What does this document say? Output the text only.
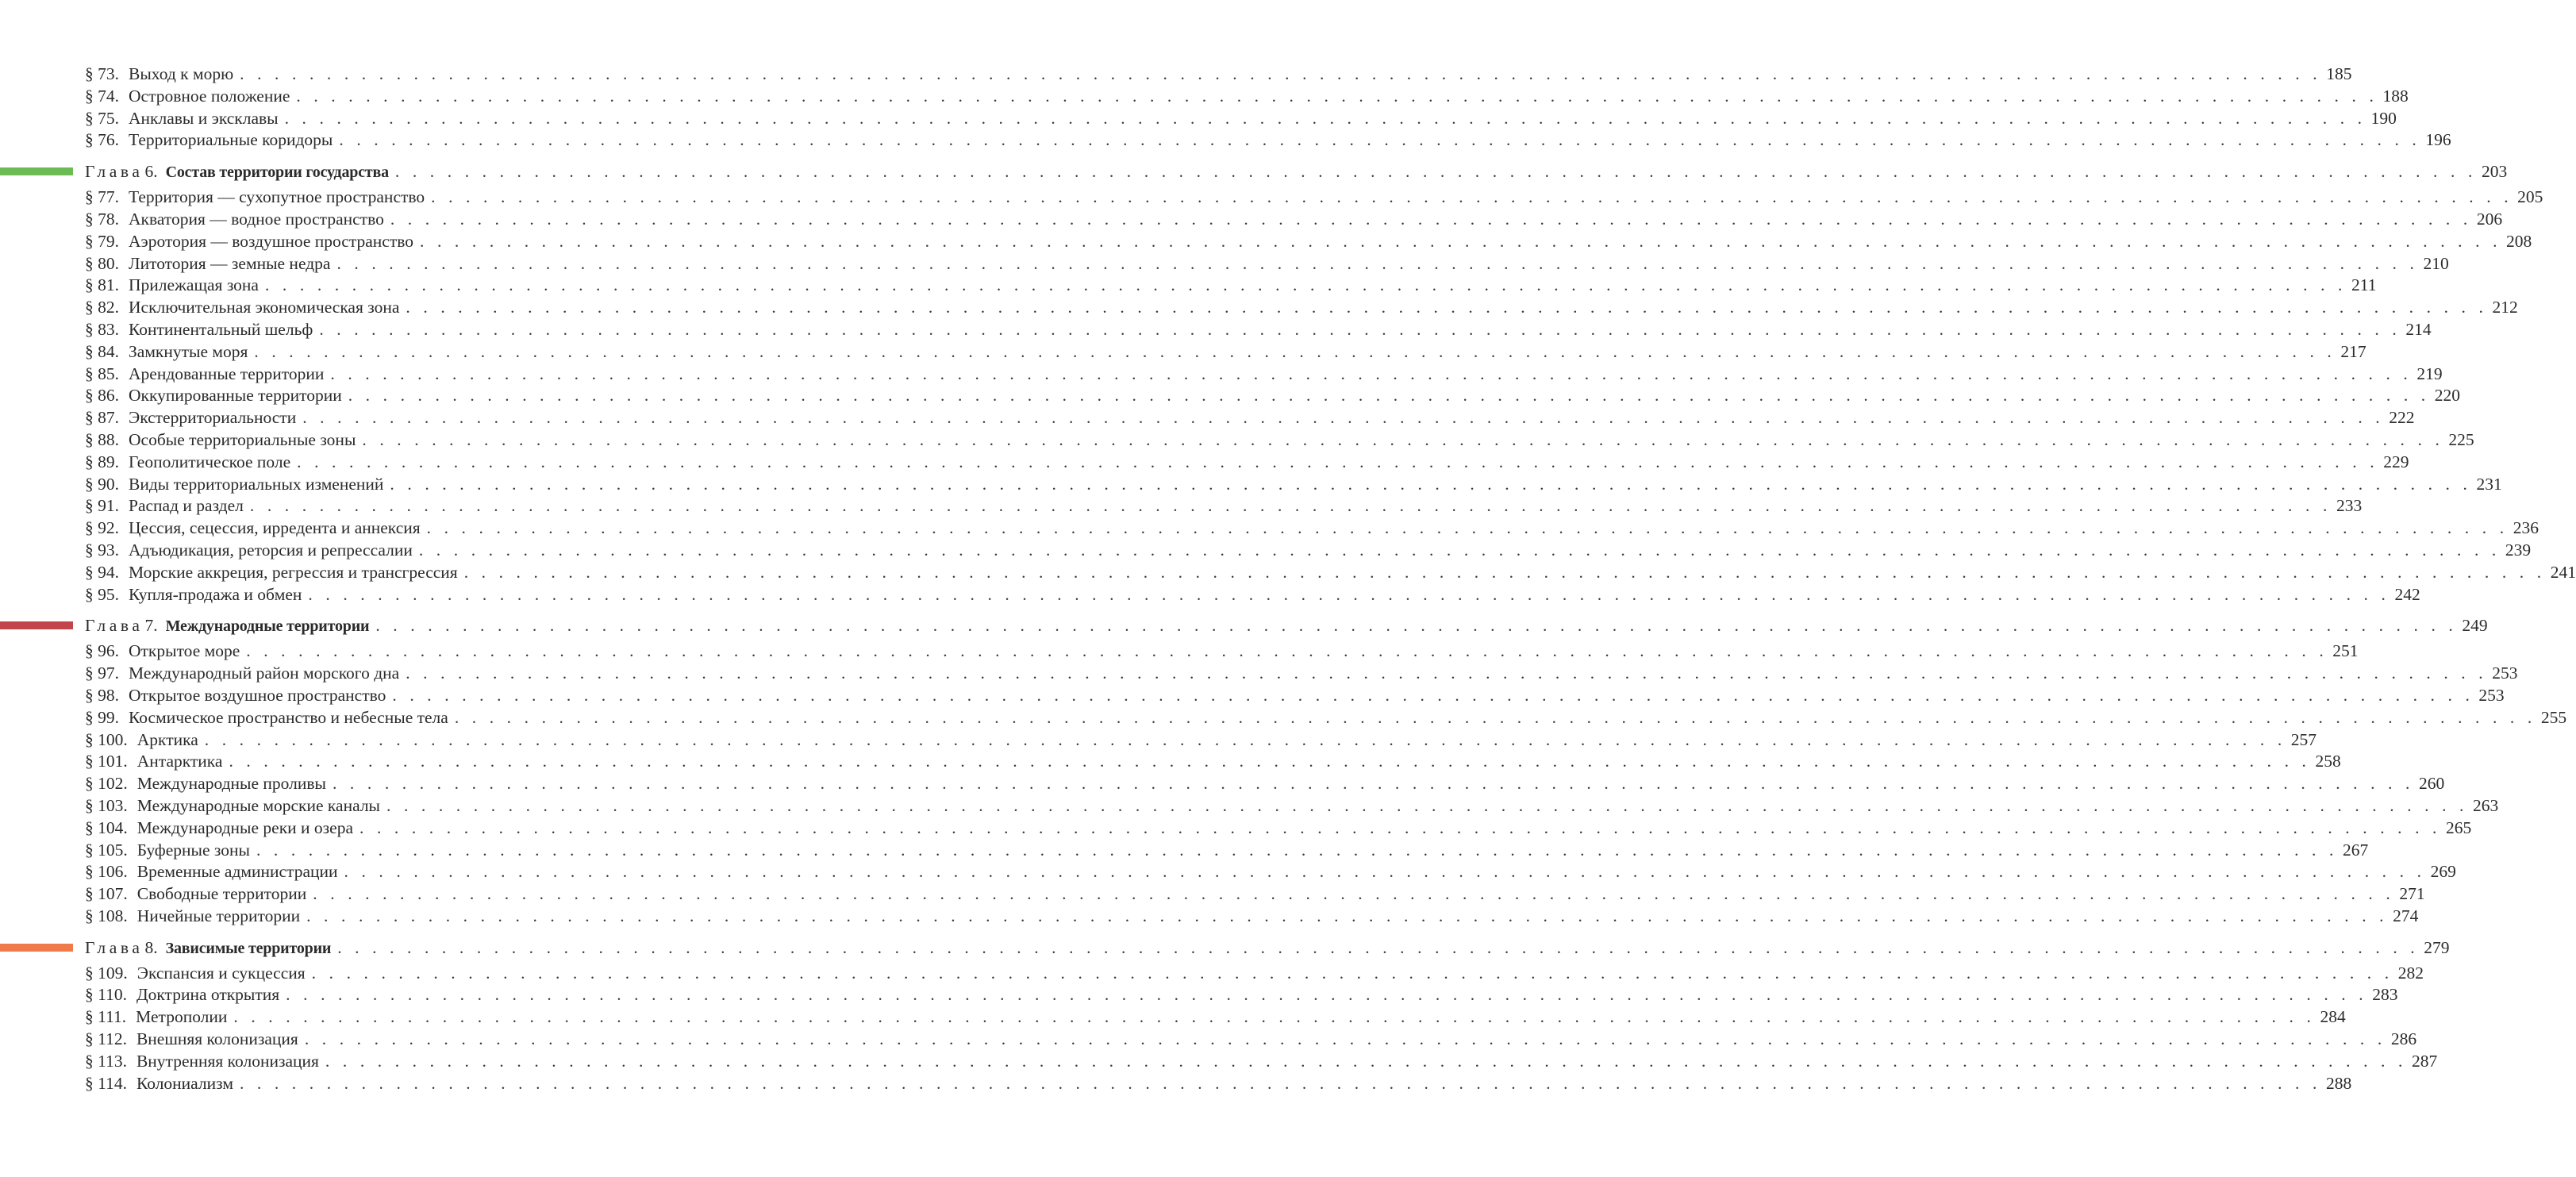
§ 73. Выход к морю . . . . . . . . . . . . . . . . . . . . . . . . . . . . . . . . . . . . . . . . . . . . . . . . . . . . . . . . . . . . . . . . . . . . . . . . . . . . . . . . . . . . . . . . . . . . . . . . . . . . . . . . . . . . . . . . . . . . . . . . 185
§ 74. Островное положение . . . . . . . . . . . . . . . . . . . . . . . . . . . . . . . . . . . . . . . . . . . . . . . . . . . . . . . . . . . . . . . . . . . . . . . . . . . . . . . . . . . . . . . . . . . . . . . . . . . . . . . . . . . . . . . . . . . . . . . . 188
§ 75. Анклавы и эксклавы . . . . . . . . . . . . . . . . . . . . . . . . . . . . . . . . . . . . . . . . . . . . . . . . . . . . . . . . . . . . . . . . . . . . . . . . . . . . . . . . . . . . . . . . . . . . . . . . . . . . . . . . . . . . . . . . . . . . . . . . 190
§ 76. Территориальные коридоры . . . . . . . . . . . . . . . . . . . . . . . . . . . . . . . . . . . . . . . . . . . . . . . . . . . . . . . . . . . . . . . . . . . . . . . . . . . . . . . . . . . . . . . . . . . . . . . . . . . . . . . . . . . . . . . . . . . . . . . . 196
Глава 6. Состав территории государства . . . . . . . . . . . . . . . . . . . . . . . . . . . . . . . . . . . . . . . . . . . . . . . . . . . . . . . . . . . . . . . . . . . . . . . . . . . . . . . . . . . . . . . . . . . . . . . . . . . . . . . . . . . . . . . . . . . . . . . . 203
§ 77. Территория — сухопутное пространство . . . . . . . . . . . . . . . . . . . . . . . . . . . . . . . . . . . . . . . . . . . . . . . . . . . . . . . . . . . . . . . . . . . . . . . . . . . . . . . . . . . . . . . . . . . . . . . . . . . . . . . . . . . . . . . . . . . . . . . . 205
§ 78. Акватория — водное пространство . . . . . . . . . . . . . . . . . . . . . . . . . . . . . . . . . . . . . . . . . . . . . . . . . . . . . . . . . . . . . . . . . . . . . . . . . . . . . . . . . . . . . . . . . . . . . . . . . . . . . . . . . . . . . . . . . . . . . . . . 206
§ 79. Аэротория — воздушное пространство . . . . . . . . . . . . . . . . . . . . . . . . . . . . . . . . . . . . . . . . . . . . . . . . . . . . . . . . . . . . . . . . . . . . . . . . . . . . . . . . . . . . . . . . . . . . . . . . . . . . . . . . . . . . . . . . . . . . . . . . 208
§ 80. Литотория — земные недра . . . . . . . . . . . . . . . . . . . . . . . . . . . . . . . . . . . . . . . . . . . . . . . . . . . . . . . . . . . . . . . . . . . . . . . . . . . . . . . . . . . . . . . . . . . . . . . . . . . . . . . . . . . . . . . . . . . . . . . . 210
§ 81. Прилежащая зона . . . . . . . . . . . . . . . . . . . . . . . . . . . . . . . . . . . . . . . . . . . . . . . . . . . . . . . . . . . . . . . . . . . . . . . . . . . . . . . . . . . . . . . . . . . . . . . . . . . . . . . . . . . . . . . . . . . . . . . . 211
§ 82. Исключительная экономическая зона . . . . . . . . . . . . . . . . . . . . . . . . . . . . . . . . . . . . . . . . . . . . . . . . . . . . . . . . . . . . . . . . . . . . . . . . . . . . . . . . . . . . . . . . . . . . . . . . . . . . . . . . . . . . . . . . . . . . . . . . 212
§ 83. Континентальный шельф . . . . . . . . . . . . . . . . . . . . . . . . . . . . . . . . . . . . . . . . . . . . . . . . . . . . . . . . . . . . . . . . . . . . . . . . . . . . . . . . . . . . . . . . . . . . . . . . . . . . . . . . . . . . . . . . . . . . . . . . 214
§ 84. Замкнутые моря . . . . . . . . . . . . . . . . . . . . . . . . . . . . . . . . . . . . . . . . . . . . . . . . . . . . . . . . . . . . . . . . . . . . . . . . . . . . . . . . . . . . . . . . . . . . . . . . . . . . . . . . . . . . . . . . . . . . . . . . 217
§ 85. Арендованные территории . . . . . . . . . . . . . . . . . . . . . . . . . . . . . . . . . . . . . . . . . . . . . . . . . . . . . . . . . . . . . . . . . . . . . . . . . . . . . . . . . . . . . . . . . . . . . . . . . . . . . . . . . . . . . . . . . . . . . . . . 219
§ 86. Оккупированные территории . . . . . . . . . . . . . . . . . . . . . . . . . . . . . . . . . . . . . . . . . . . . . . . . . . . . . . . . . . . . . . . . . . . . . . . . . . . . . . . . . . . . . . . . . . . . . . . . . . . . . . . . . . . . . . . . . . . . . . . . 220
§ 87. Экстерриториальности . . . . . . . . . . . . . . . . . . . . . . . . . . . . . . . . . . . . . . . . . . . . . . . . . . . . . . . . . . . . . . . . . . . . . . . . . . . . . . . . . . . . . . . . . . . . . . . . . . . . . . . . . . . . . . . . . . . . . . . . 222
§ 88. Особые территориальные зоны . . . . . . . . . . . . . . . . . . . . . . . . . . . . . . . . . . . . . . . . . . . . . . . . . . . . . . . . . . . . . . . . . . . . . . . . . . . . . . . . . . . . . . . . . . . . . . . . . . . . . . . . . . . . . . . . . . . . . . . . 225
§ 89. Геополитическое поле . . . . . . . . . . . . . . . . . . . . . . . . . . . . . . . . . . . . . . . . . . . . . . . . . . . . . . . . . . . . . . . . . . . . . . . . . . . . . . . . . . . . . . . . . . . . . . . . . . . . . . . . . . . . . . . . . . . . . . . . 229
§ 90. Виды территориальных изменений . . . . . . . . . . . . . . . . . . . . . . . . . . . . . . . . . . . . . . . . . . . . . . . . . . . . . . . . . . . . . . . . . . . . . . . . . . . . . . . . . . . . . . . . . . . . . . . . . . . . . . . . . . . . . . . . . . . . . . . . 231
§ 91. Распад и раздел . . . . . . . . . . . . . . . . . . . . . . . . . . . . . . . . . . . . . . . . . . . . . . . . . . . . . . . . . . . . . . . . . . . . . . . . . . . . . . . . . . . . . . . . . . . . . . . . . . . . . . . . . . . . . . . . . . . . . . . . 233
§ 92. Цессия, сецессия, ирредента и аннексия . . . . . . . . . . . . . . . . . . . . . . . . . . . . . . . . . . . . . . . . . . . . . . . . . . . . . . . . . . . . . . . . . . . . . . . . . . . . . . . . . . . . . . . . . . . . . . . . . . . . . . . . . . . . . . . . . . . . . . . . 236
§ 93. Адъюдикация, реторсия и репрессалии . . . . . . . . . . . . . . . . . . . . . . . . . . . . . . . . . . . . . . . . . . . . . . . . . . . . . . . . . . . . . . . . . . . . . . . . . . . . . . . . . . . . . . . . . . . . . . . . . . . . . . . . . . . . . . . . . . . . . . . . 239
§ 94. Морские аккреция, регрессия и трансгрессия . . . . . . . . . . . . . . . . . . . . . . . . . . . . . . . . . . . . . . . . . . . . . . . . . . . . . . . . . . . . . . . . . . . . . . . . . . . . . . . . . . . . . . . . . . . . . . . . . . . . . . . . . . . . . . . . . . . . . . . . 241
§ 95. Купля-продажа и обмен . . . . . . . . . . . . . . . . . . . . . . . . . . . . . . . . . . . . . . . . . . . . . . . . . . . . . . . . . . . . . . . . . . . . . . . . . . . . . . . . . . . . . . . . . . . . . . . . . . . . . . . . . . . . . . . . . . . . . . . . 242
Глава 7. Международные территории . . . . . . . . . . . . . . . . . . . . . . . . . . . . . . . . . . . . . . . . . . . . . . . . . . . . . . . . . . . . . . . . . . . . . . . . . . . . . . . . . . . . . . . . . . . . . . . . . . . . . . . . . . . . . . . . . . . . . . . . 249
§ 96. Открытое море . . . . . . . . . . . . . . . . . . . . . . . . . . . . . . . . . . . . . . . . . . . . . . . . . . . . . . . . . . . . . . . . . . . . . . . . . . . . . . . . . . . . . . . . . . . . . . . . . . . . . . . . . . . . . . . . . . . . . . . . 251
§ 97. Международный район морского дна . . . . . . . . . . . . . . . . . . . . . . . . . . . . . . . . . . . . . . . . . . . . . . . . . . . . . . . . . . . . . . . . . . . . . . . . . . . . . . . . . . . . . . . . . . . . . . . . . . . . . . . . . . . . . . . . . . . . . . . . 253
§ 98. Открытое воздушное пространство . . . . . . . . . . . . . . . . . . . . . . . . . . . . . . . . . . . . . . . . . . . . . . . . . . . . . . . . . . . . . . . . . . . . . . . . . . . . . . . . . . . . . . . . . . . . . . . . . . . . . . . . . . . . . . . . . . . . . . . . 253
§ 99. Космическое пространство и небесные тела . . . . . . . . . . . . . . . . . . . . . . . . . . . . . . . . . . . . . . . . . . . . . . . . . . . . . . . . . . . . . . . . . . . . . . . . . . . . . . . . . . . . . . . . . . . . . . . . . . . . . . . . . . . . . . . . . . . . . . . . 255
§ 100. Арктика . . . . . . . . . . . . . . . . . . . . . . . . . . . . . . . . . . . . . . . . . . . . . . . . . . . . . . . . . . . . . . . . . . . . . . . . . . . . . . . . . . . . . . . . . . . . . . . . . . . . . . . . . . . . . . . . . . . . . . . . 257
§ 101. Антарктика . . . . . . . . . . . . . . . . . . . . . . . . . . . . . . . . . . . . . . . . . . . . . . . . . . . . . . . . . . . . . . . . . . . . . . . . . . . . . . . . . . . . . . . . . . . . . . . . . . . . . . . . . . . . . . . . . . . . . . . . 258
§ 102. Международные проливы . . . . . . . . . . . . . . . . . . . . . . . . . . . . . . . . . . . . . . . . . . . . . . . . . . . . . . . . . . . . . . . . . . . . . . . . . . . . . . . . . . . . . . . . . . . . . . . . . . . . . . . . . . . . . . . . . . . . . . . . 260
§ 103. Международные морские каналы . . . . . . . . . . . . . . . . . . . . . . . . . . . . . . . . . . . . . . . . . . . . . . . . . . . . . . . . . . . . . . . . . . . . . . . . . . . . . . . . . . . . . . . . . . . . . . . . . . . . . . . . . . . . . . . . . . . . . . . . 263
§ 104. Международные реки и озера . . . . . . . . . . . . . . . . . . . . . . . . . . . . . . . . . . . . . . . . . . . . . . . . . . . . . . . . . . . . . . . . . . . . . . . . . . . . . . . . . . . . . . . . . . . . . . . . . . . . . . . . . . . . . . . . . . . . . . . . 265
§ 105. Буферные зоны . . . . . . . . . . . . . . . . . . . . . . . . . . . . . . . . . . . . . . . . . . . . . . . . . . . . . . . . . . . . . . . . . . . . . . . . . . . . . . . . . . . . . . . . . . . . . . . . . . . . . . . . . . . . . . . . . . . . . . . . 267
§ 106. Временные администрации . . . . . . . . . . . . . . . . . . . . . . . . . . . . . . . . . . . . . . . . . . . . . . . . . . . . . . . . . . . . . . . . . . . . . . . . . . . . . . . . . . . . . . . . . . . . . . . . . . . . . . . . . . . . . . . . . . . . . . . . 269
§ 107. Свободные территории . . . . . . . . . . . . . . . . . . . . . . . . . . . . . . . . . . . . . . . . . . . . . . . . . . . . . . . . . . . . . . . . . . . . . . . . . . . . . . . . . . . . . . . . . . . . . . . . . . . . . . . . . . . . . . . . . . . . . . . . 271
§ 108. Ничейные территории . . . . . . . . . . . . . . . . . . . . . . . . . . . . . . . . . . . . . . . . . . . . . . . . . . . . . . . . . . . . . . . . . . . . . . . . . . . . . . . . . . . . . . . . . . . . . . . . . . . . . . . . . . . . . . . . . . . . . . . . 274
Глава 8. Зависимые территории . . . . . . . . . . . . . . . . . . . . . . . . . . . . . . . . . . . . . . . . . . . . . . . . . . . . . . . . . . . . . . . . . . . . . . . . . . . . . . . . . . . . . . . . . . . . . . . . . . . . . . . . . . . . . . . . . . . . . . . . 279
§ 109. Экспансия и сукцессия . . . . . . . . . . . . . . . . . . . . . . . . . . . . . . . . . . . . . . . . . . . . . . . . . . . . . . . . . . . . . . . . . . . . . . . . . . . . . . . . . . . . . . . . . . . . . . . . . . . . . . . . . . . . . . . . . . . . . . . . 282
§ 110. Доктрина открытия . . . . . . . . . . . . . . . . . . . . . . . . . . . . . . . . . . . . . . . . . . . . . . . . . . . . . . . . . . . . . . . . . . . . . . . . . . . . . . . . . . . . . . . . . . . . . . . . . . . . . . . . . . . . . . . . . . . . . . . . 283
§ 111. Метрополии . . . . . . . . . . . . . . . . . . . . . . . . . . . . . . . . . . . . . . . . . . . . . . . . . . . . . . . . . . . . . . . . . . . . . . . . . . . . . . . . . . . . . . . . . . . . . . . . . . . . . . . . . . . . . . . . . . . . . . . . 284
§ 112. Внешняя колонизация . . . . . . . . . . . . . . . . . . . . . . . . . . . . . . . . . . . . . . . . . . . . . . . . . . . . . . . . . . . . . . . . . . . . . . . . . . . . . . . . . . . . . . . . . . . . . . . . . . . . . . . . . . . . . . . . . . . . . . . . 286
§ 113. Внутренняя колонизация . . . . . . . . . . . . . . . . . . . . . . . . . . . . . . . . . . . . . . . . . . . . . . . . . . . . . . . . . . . . . . . . . . . . . . . . . . . . . . . . . . . . . . . . . . . . . . . . . . . . . . . . . . . . . . . . . . . . . . . . 287
§ 114. Колониализм . . . . . . . . . . . . . . . . . . . . . . . . . . . . . . . . . . . . . . . . . . . . . . . . . . . . . . . . . . . . . . . . . . . . . . . . . . . . . . . . . . . . . . . . . . . . . . . . . . . . . . . . . . . . . . . . . . . . . . . . 288
